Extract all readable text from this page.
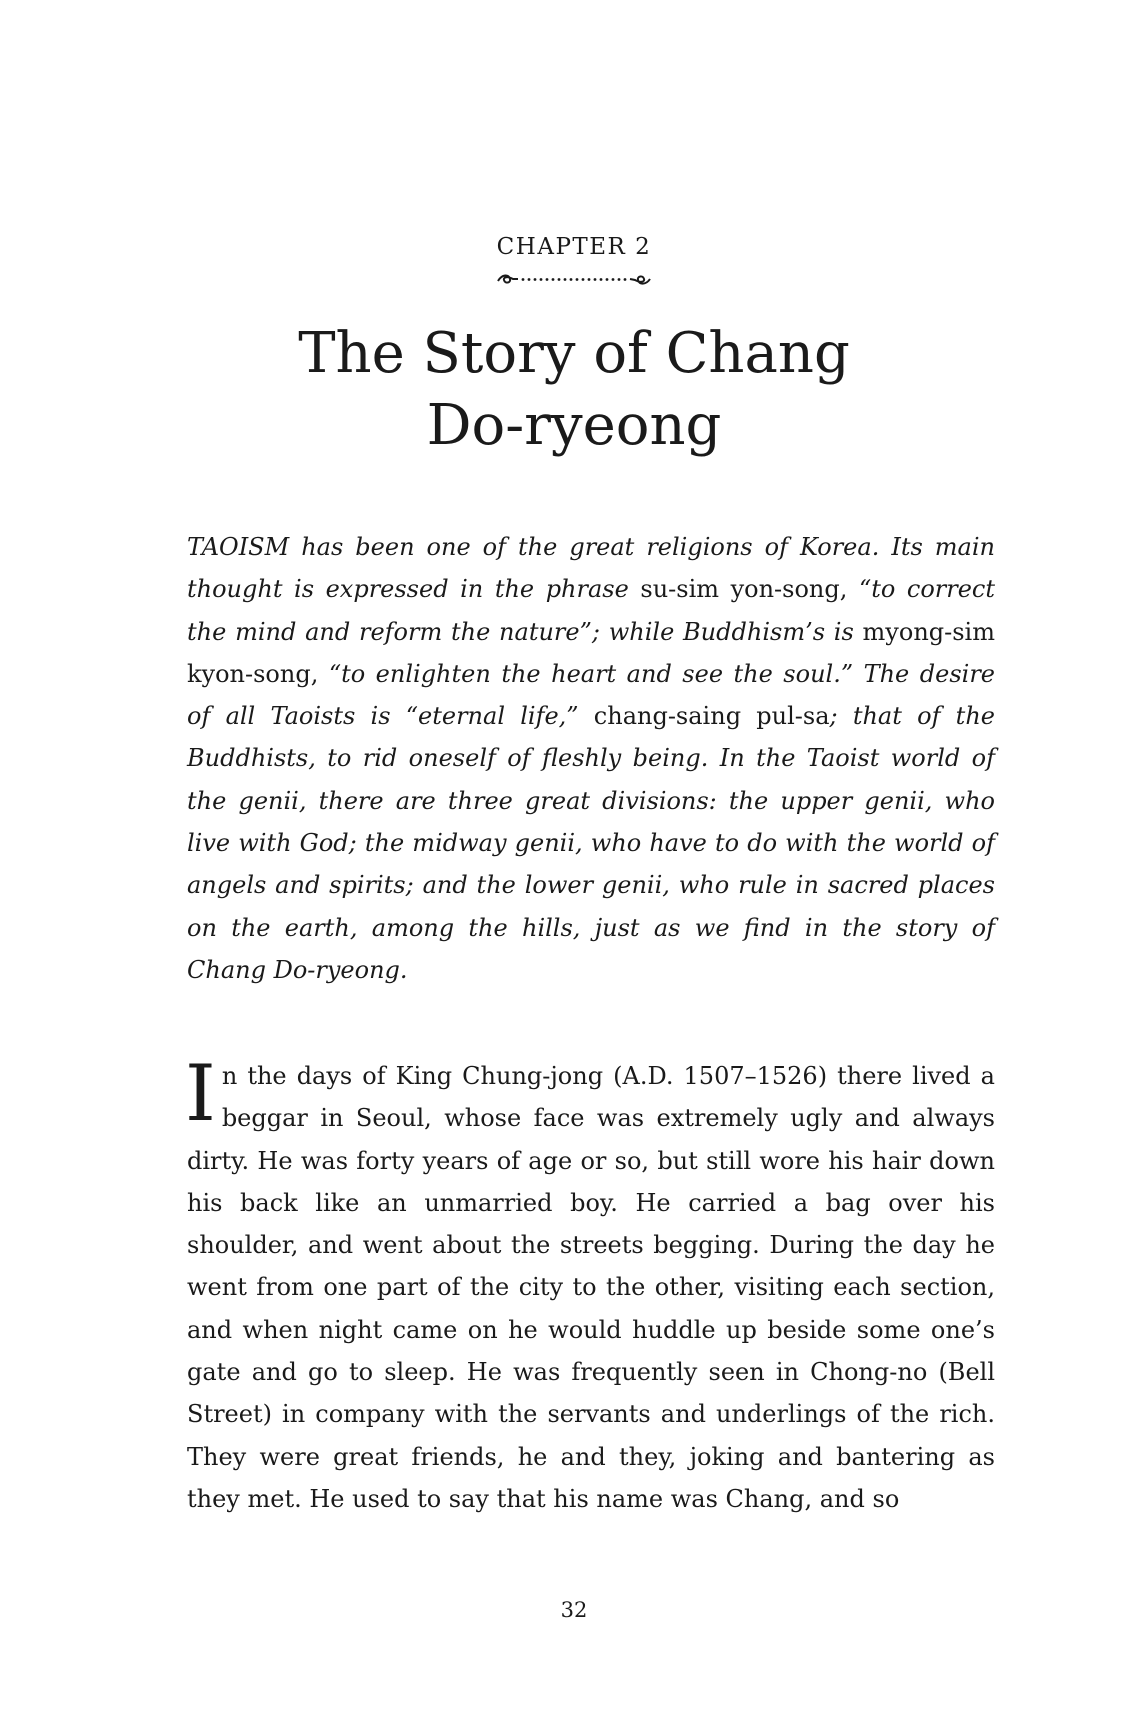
CHAPTER 2
The Story of Chang
Do-ryeong

TAOISM has been one of the great religions of Korea. Its main thought is expressed in the phrase su-sim yon-song, “to correct the mind and reform the nature”; while Buddhism’s is myong-sim kyon-song, “to enlighten the heart and see the soul.” The desire of all Taoists is “eternal life,” chang-saing pul-sa; that of the Buddhists, to rid oneself of fleshly being. In the Taoist world of the genii, there are three great divisions: the upper genii, who live with God; the midway genii, who have to do with the world of angels and spirits; and the lower genii, who rule in sacred places on the earth, among the hills, just as we find in the story of Chang Do-ryeong.

In the days of King Chung-jong (A.D. 1507–1526) there lived a beggar in Seoul, whose face was extremely ugly and always dirty. He was forty years of age or so, but still wore his hair down his back like an unmarried boy. He carried a bag over his shoulder, and went about the streets begging. During the day he went from one part of the city to the other, visiting each section, and when night came on he would huddle up beside some one’s gate and go to sleep. He was frequently seen in Chong-no (Bell Street) in company with the servants and underlings of the rich. They were great friends, he and they, joking and bantering as they met. He used to say that his name was Chang, and so

32
